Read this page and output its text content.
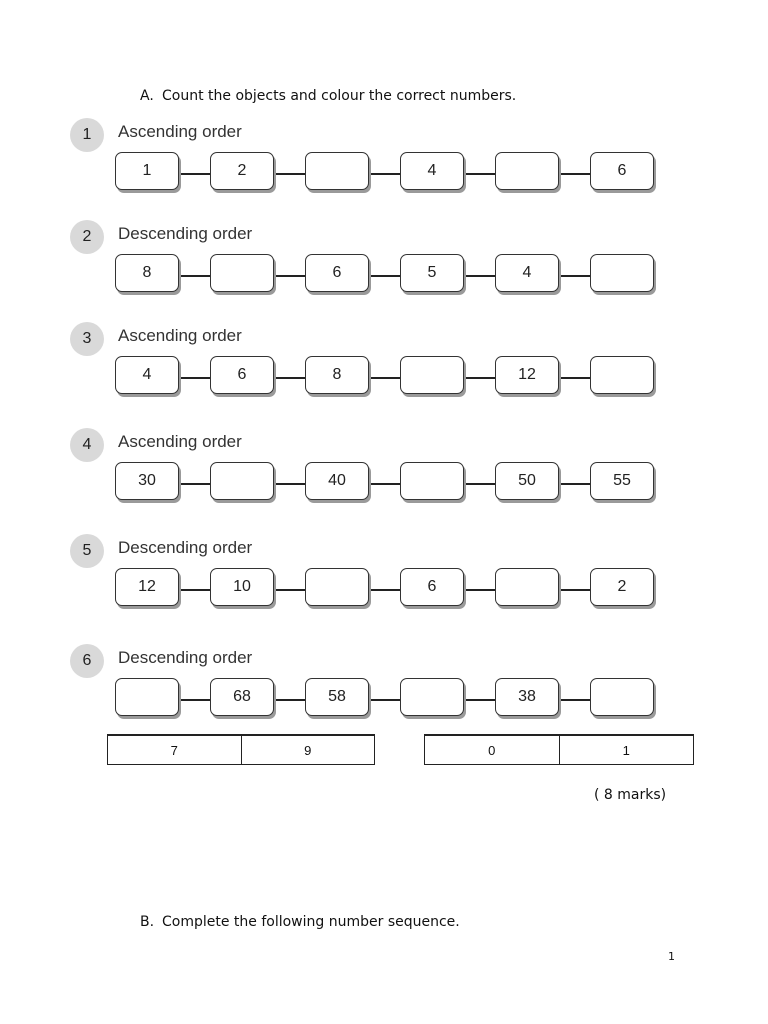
A. Count the objects and colour the correct numbers.
1	Ascending order
1	2	4	6
2	Descending order
8	6	5	4
3	Ascending order
4	6	8	12
4	Ascending order
30	40	50	55
5	Descending order
12	10	6	2
6	Descending order
68	58	38
7	9	0	1
( 8 marks)
B. Complete the following number sequence.
1
